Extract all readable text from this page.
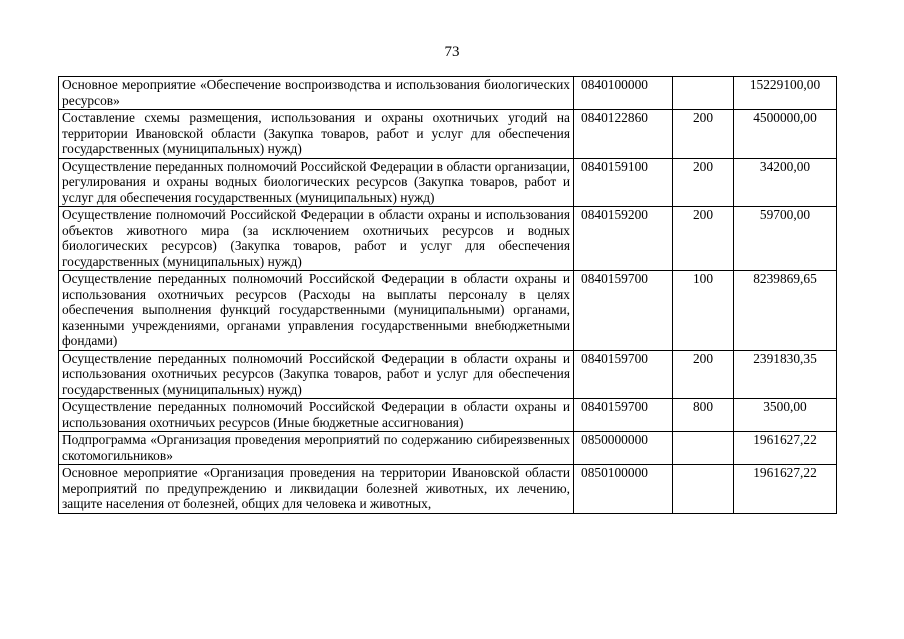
73
Основное мероприятие «Обеспечение воспроизводства и использования биологических ресурсов»	0840100000		15229100,00
Составление схемы размещения, использования и охраны охотничьих угодий на территории Ивановской области (Закупка товаров, работ и услуг для обеспечения государственных (муниципальных) нужд)	0840122860	200	4500000,00
Осуществление переданных полномочий Российской Федерации в области организации, регулирования и охраны водных биологических ресурсов (Закупка товаров, работ и услуг для обеспечения государственных (муниципальных) нужд)	0840159100	200	34200,00
Осуществление полномочий Российской Федерации в области охраны и использования объектов животного мира (за исключением охотничьих ресурсов и водных биологических ресурсов) (Закупка товаров, работ и услуг для обеспечения государственных (муниципальных) нужд)	0840159200	200	59700,00
Осуществление переданных полномочий Российской Федерации в области охраны и использования охотничьих ресурсов (Расходы на выплаты персоналу в целях обеспечения выполнения функций государственными (муниципальными) органами, казенными учреждениями, органами управления государственными внебюджетными фондами)	0840159700	100	8239869,65
Осуществление переданных полномочий Российской Федерации в области охраны и использования охотничьих ресурсов (Закупка товаров, работ и услуг для обеспечения государственных (муниципальных) нужд)	0840159700	200	2391830,35
Осуществление переданных полномочий Российской Федерации в области охраны и использования охотничьих ресурсов (Иные бюджетные ассигнования)	0840159700	800	3500,00
Подпрограмма «Организация проведения мероприятий по содержанию сибиреязвенных скотомогильников»	0850000000		1961627,22
Основное мероприятие «Организация проведения на территории Ивановской области мероприятий по предупреждению и ликвидации болезней животных, их лечению, защите населения от болезней, общих для человека и животных,	0850100000		1961627,22
